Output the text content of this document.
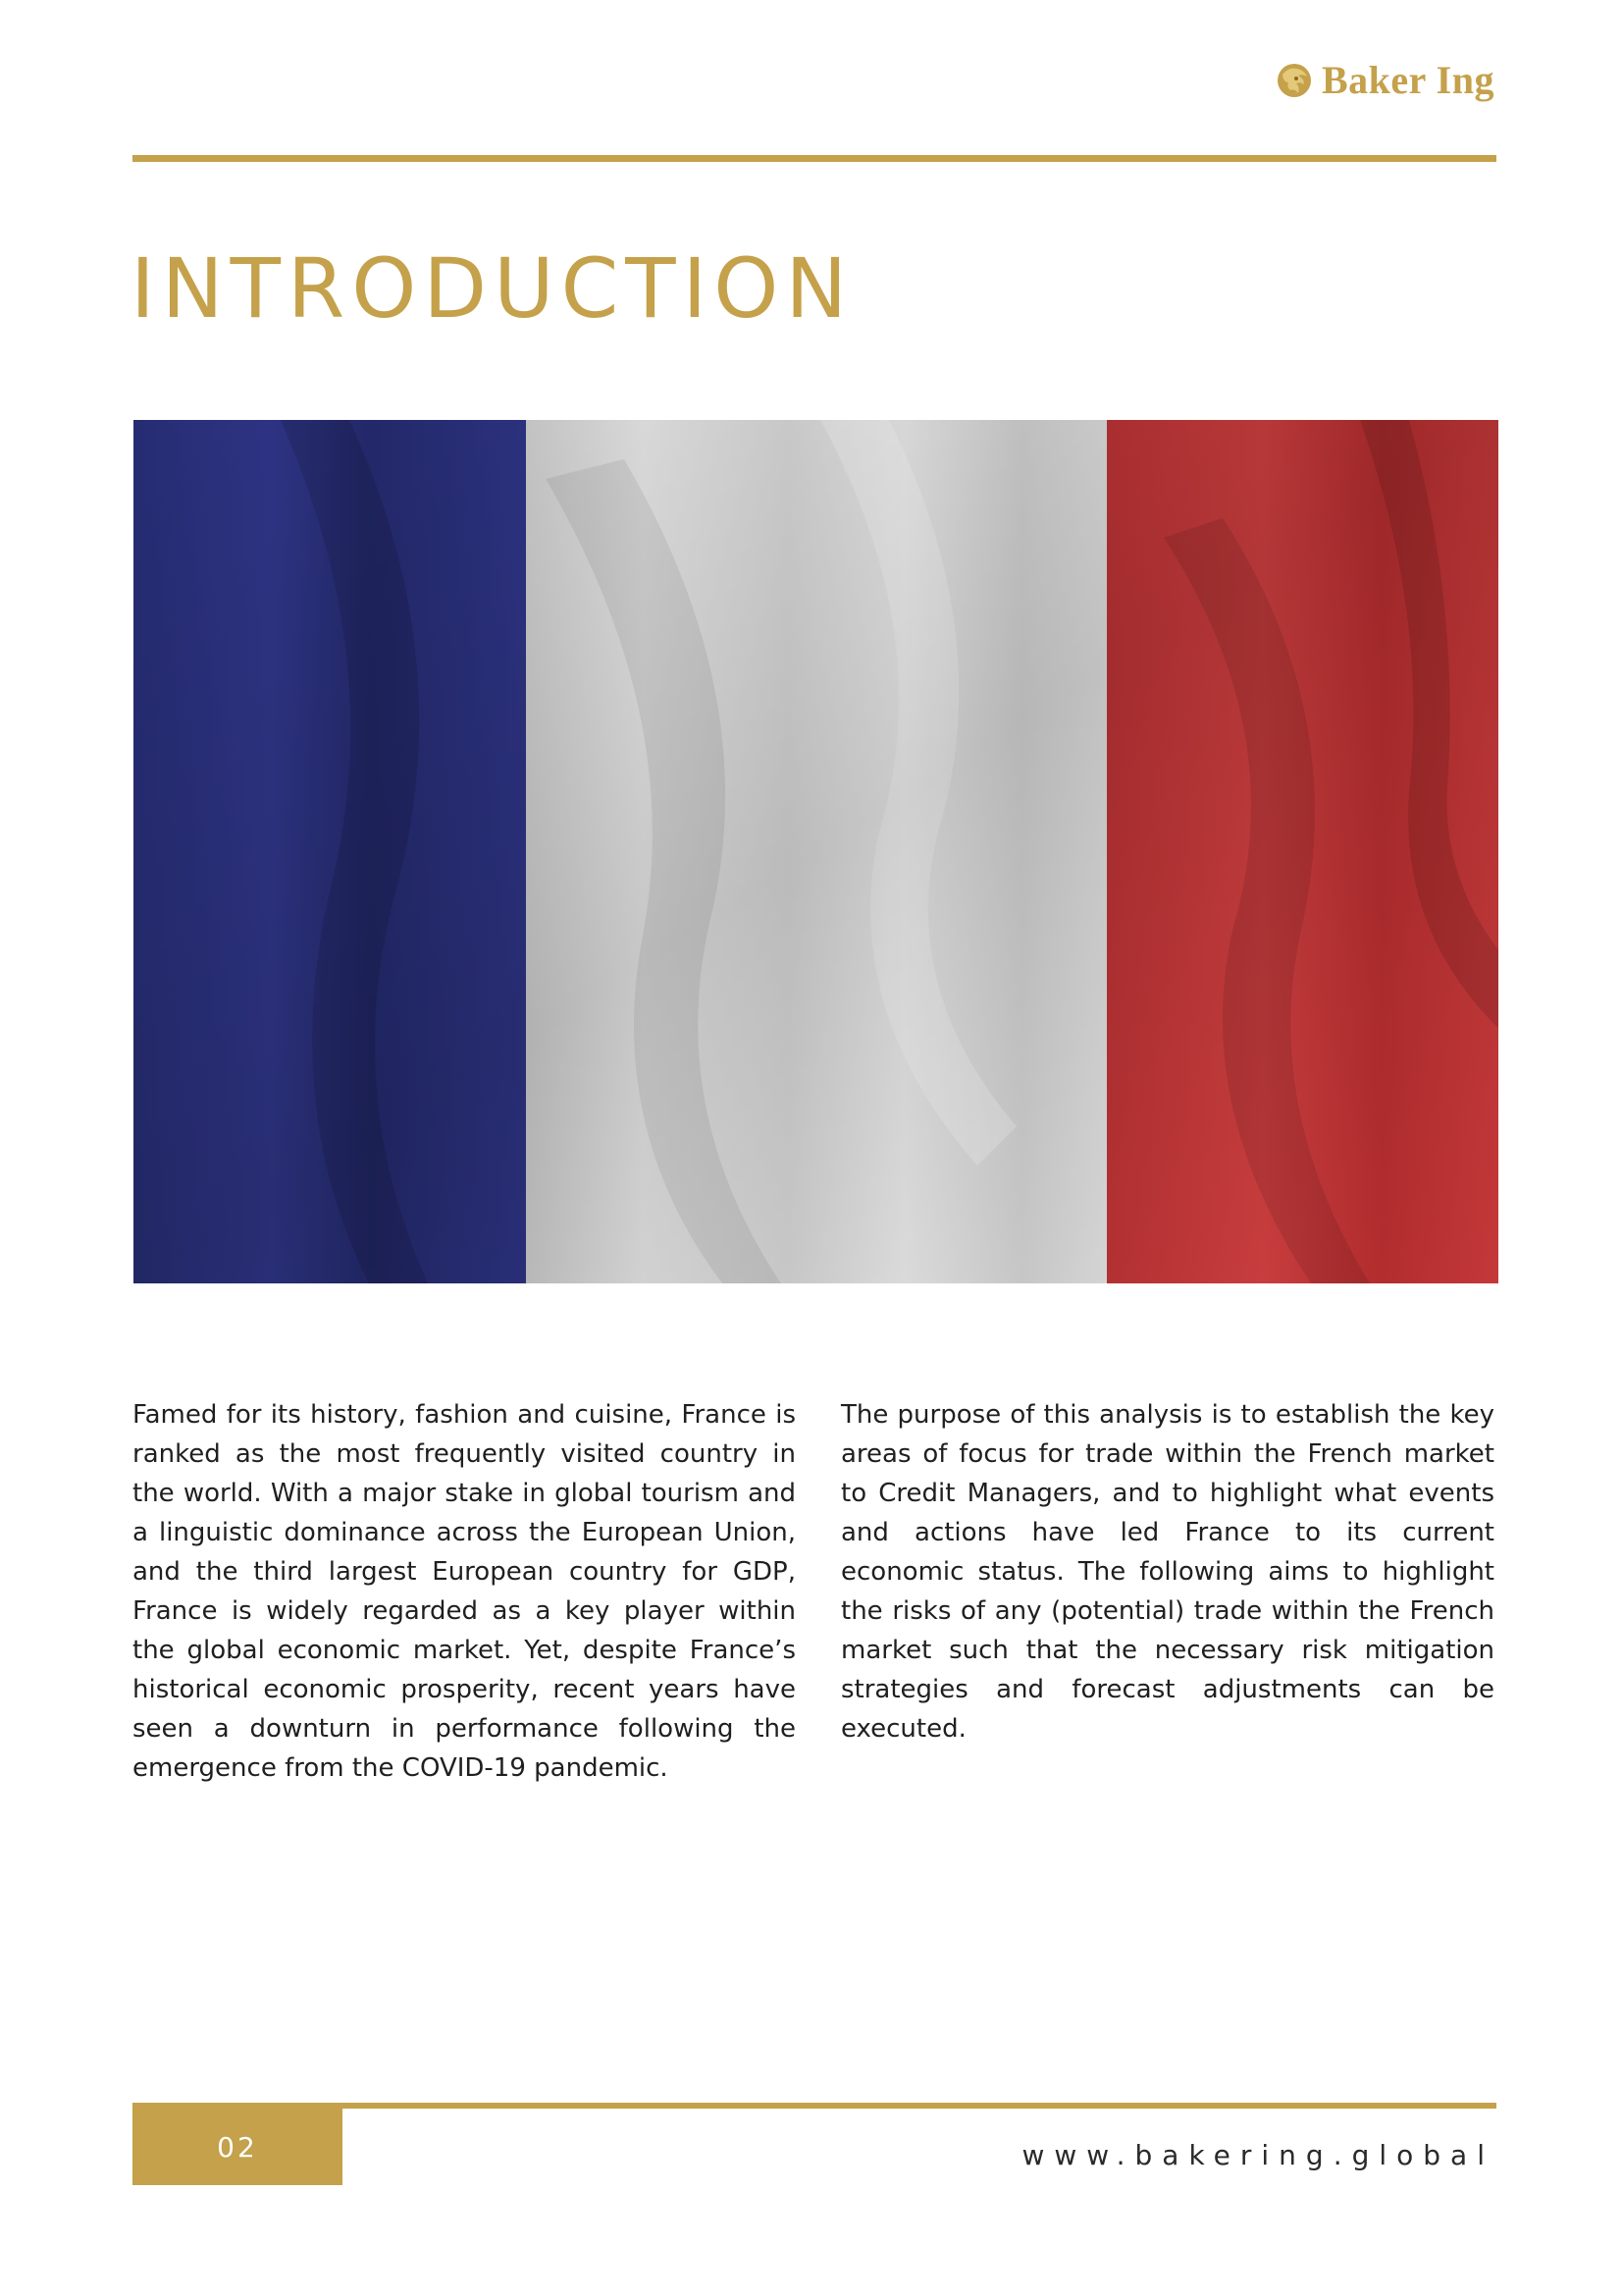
Baker Ing
INTRODUCTION

Famed for its history, fashion and cuisine, France is ranked as the most frequently visited country in the world. With a major stake in global tourism and a linguistic dominance across the European Union, and the third largest European country for GDP, France is widely regarded as a key player within the global economic market. Yet, despite France’s historical economic prosperity, recent years have seen a downturn in performance following the emergence from the COVID-19 pandemic.

The purpose of this analysis is to establish the key areas of focus for trade within the French market to Credit Managers, and to highlight what events and actions have led France to its current economic status. The following aims to highlight the risks of any (potential) trade within the French market such that the necessary risk mitigation strategies and forecast adjustments can be executed.

02	www.bakering.global
